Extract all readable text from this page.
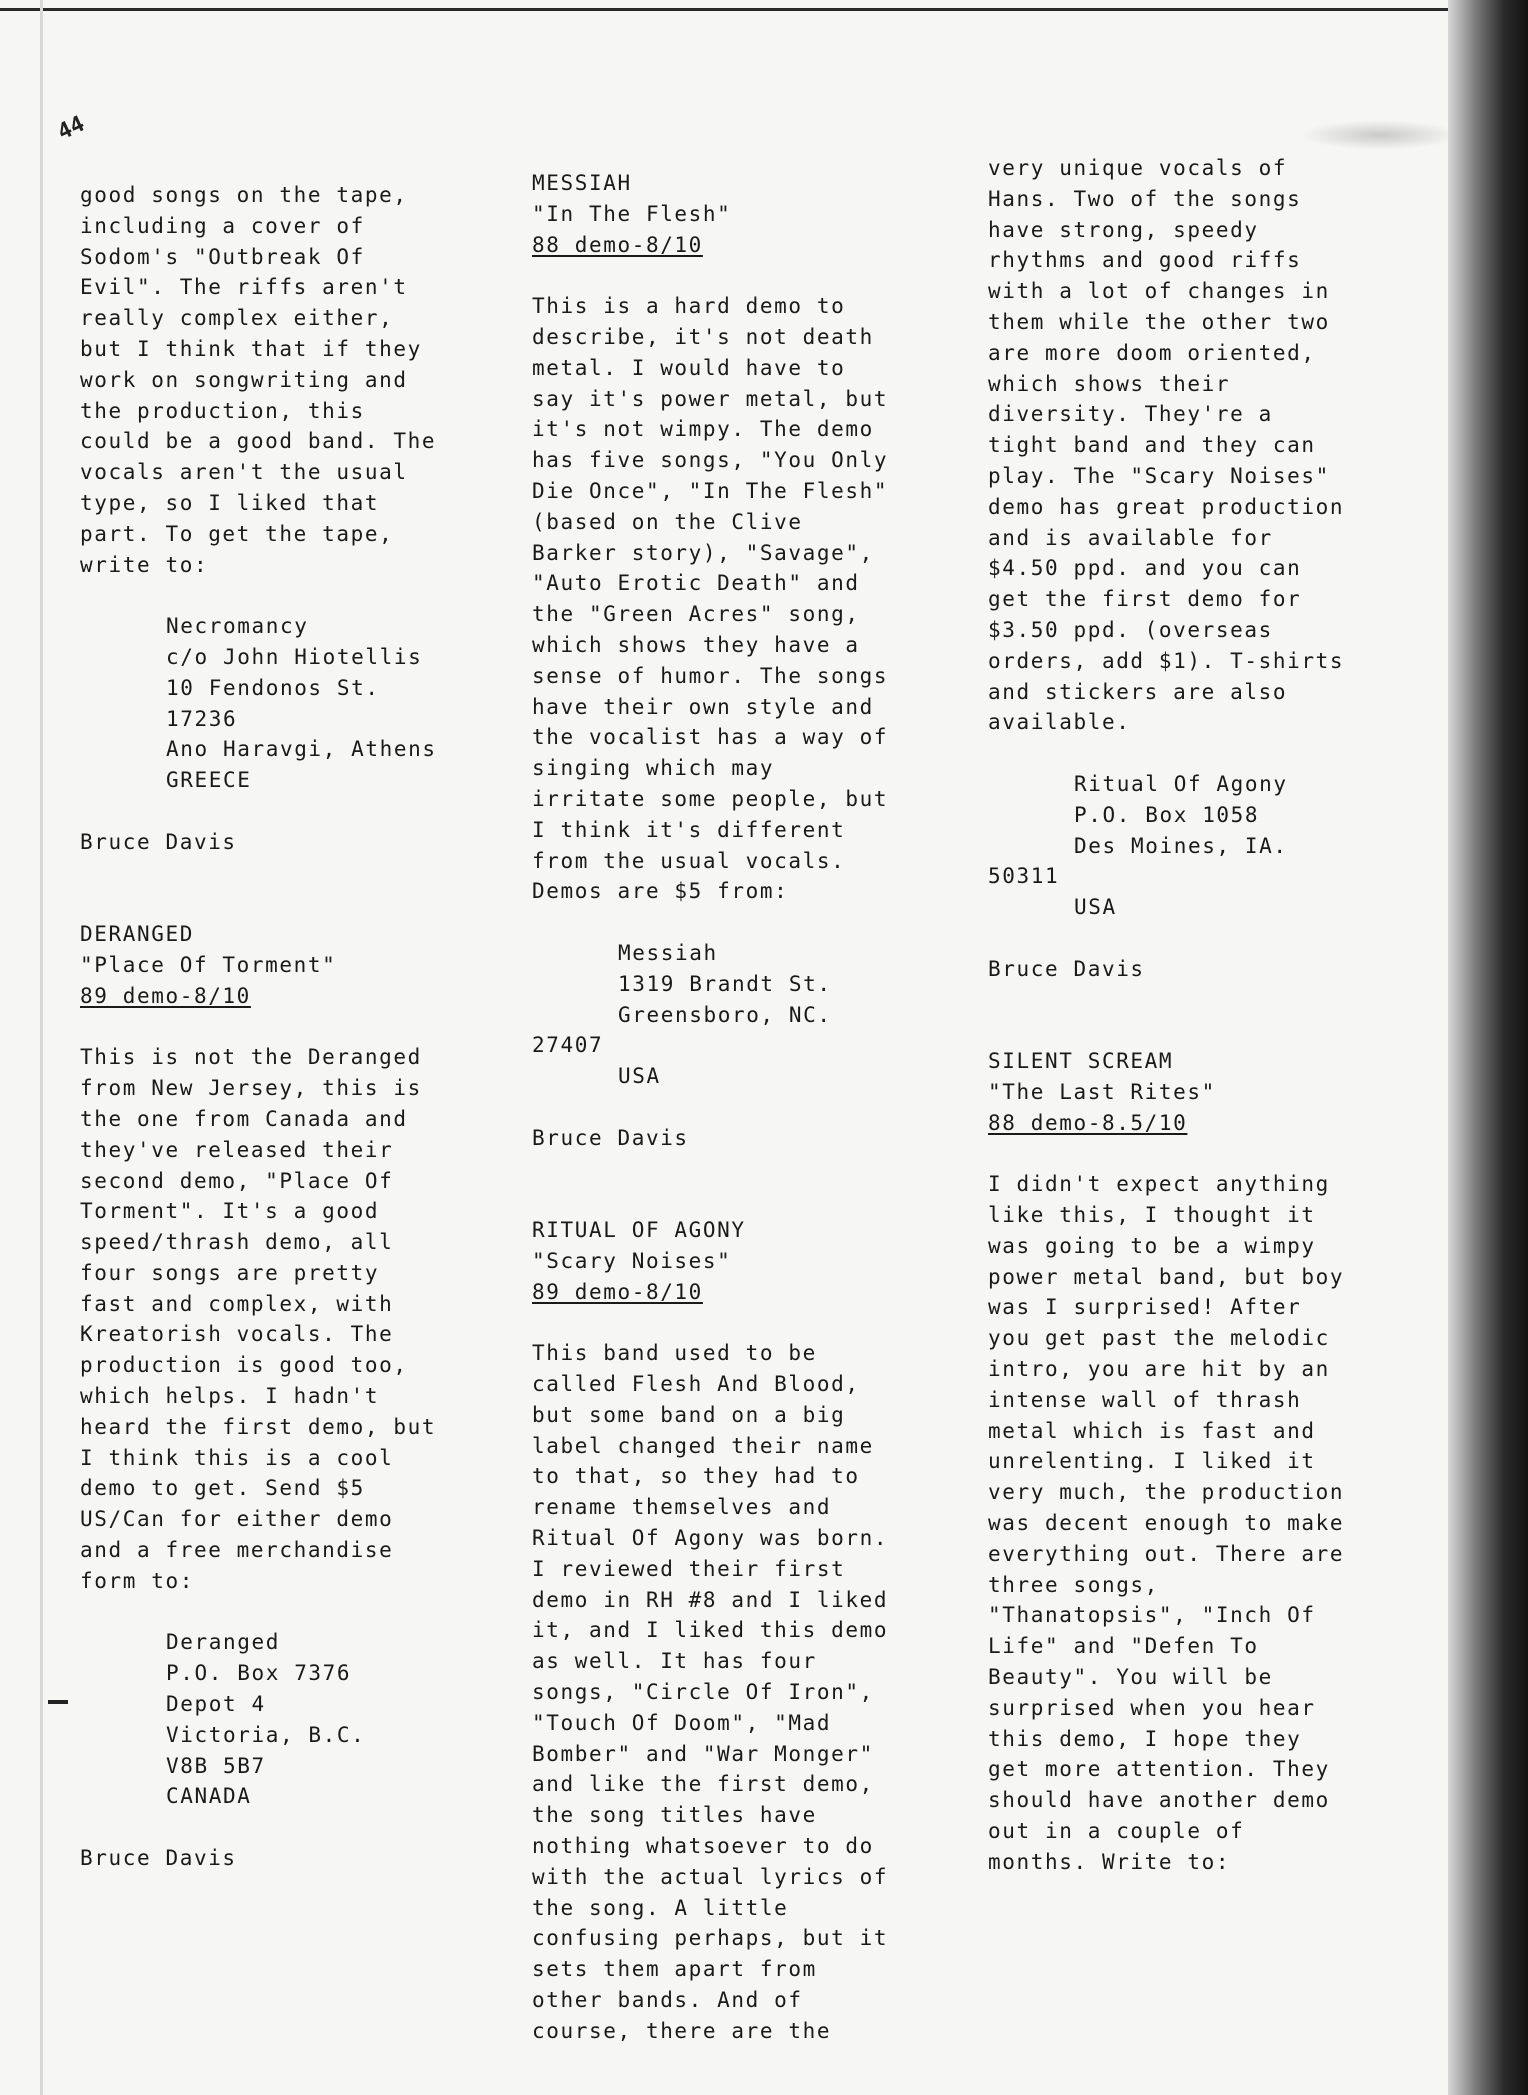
44
good songs on the tape,
including a cover of
Sodom's "Outbreak Of
Evil". The riffs aren't
really complex either,
but I think that if they
work on songwriting and
the production, this
could be a good band. The
vocals aren't the usual
type, so I liked that
part. To get the tape,
write to:
Necromancy
c/o John Hiotellis
10 Fendonos St.
17236
Ano Haravgi, Athens
GREECE
Bruce Davis
DERANGED
"Place Of Torment"
89 demo-8/10
This is not the Deranged
from New Jersey, this is
the one from Canada and
they've released their
second demo, "Place Of
Torment". It's a good
speed/thrash demo, all
four songs are pretty
fast and complex, with
Kreatorish vocals. The
production is good too,
which helps. I hadn't
heard the first demo, but
I think this is a cool
demo to get. Send $5
US/Can for either demo
and a free merchandise
form to:
Deranged
P.O. Box 7376
Depot 4
Victoria, B.C.
V8B 5B7
CANADA
Bruce Davis
MESSIAH
"In The Flesh"
88 demo-8/10
This is a hard demo to
describe, it's not death
metal. I would have to
say it's power metal, but
it's not wimpy. The demo
has five songs, "You Only
Die Once", "In The Flesh"
(based on the Clive
Barker story), "Savage",
"Auto Erotic Death" and
the "Green Acres" song,
which shows they have a
sense of humor. The songs
have their own style and
the vocalist has a way of
singing which may
irritate some people, but
I think it's different
from the usual vocals.
Demos are $5 from:
Messiah
1319 Brandt St.
Greensboro, NC.
27407
USA
Bruce Davis
RITUAL OF AGONY
"Scary Noises"
89 demo-8/10
This band used to be
called Flesh And Blood,
but some band on a big
label changed their name
to that, so they had to
rename themselves and
Ritual Of Agony was born.
I reviewed their first
demo in RH #8 and I liked
it, and I liked this demo
as well. It has four
songs, "Circle Of Iron",
"Touch Of Doom", "Mad
Bomber" and "War Monger"
and like the first demo,
the song titles have
nothing whatsoever to do
with the actual lyrics of
the song. A little
confusing perhaps, but it
sets them apart from
other bands. And of
course, there are the
very unique vocals of
Hans. Two of the songs
have strong, speedy
rhythms and good riffs
with a lot of changes in
them while the other two
are more doom oriented,
which shows their
diversity. They're a
tight band and they can
play. The "Scary Noises"
demo has great production
and is available for
$4.50 ppd. and you can
get the first demo for
$3.50 ppd. (overseas
orders, add $1). T-shirts
and stickers are also
available.
Ritual Of Agony
P.O. Box 1058
Des Moines, IA.
50311
USA
Bruce Davis
SILENT SCREAM
"The Last Rites"
88 demo-8.5/10
I didn't expect anything
like this, I thought it
was going to be a wimpy
power metal band, but boy
was I surprised! After
you get past the melodic
intro, you are hit by an
intense wall of thrash
metal which is fast and
unrelenting. I liked it
very much, the production
was decent enough to make
everything out. There are
three songs,
"Thanatopsis", "Inch Of
Life" and "Defen To
Beauty". You will be
surprised when you hear
this demo, I hope they
get more attention. They
should have another demo
out in a couple of
months. Write to:
